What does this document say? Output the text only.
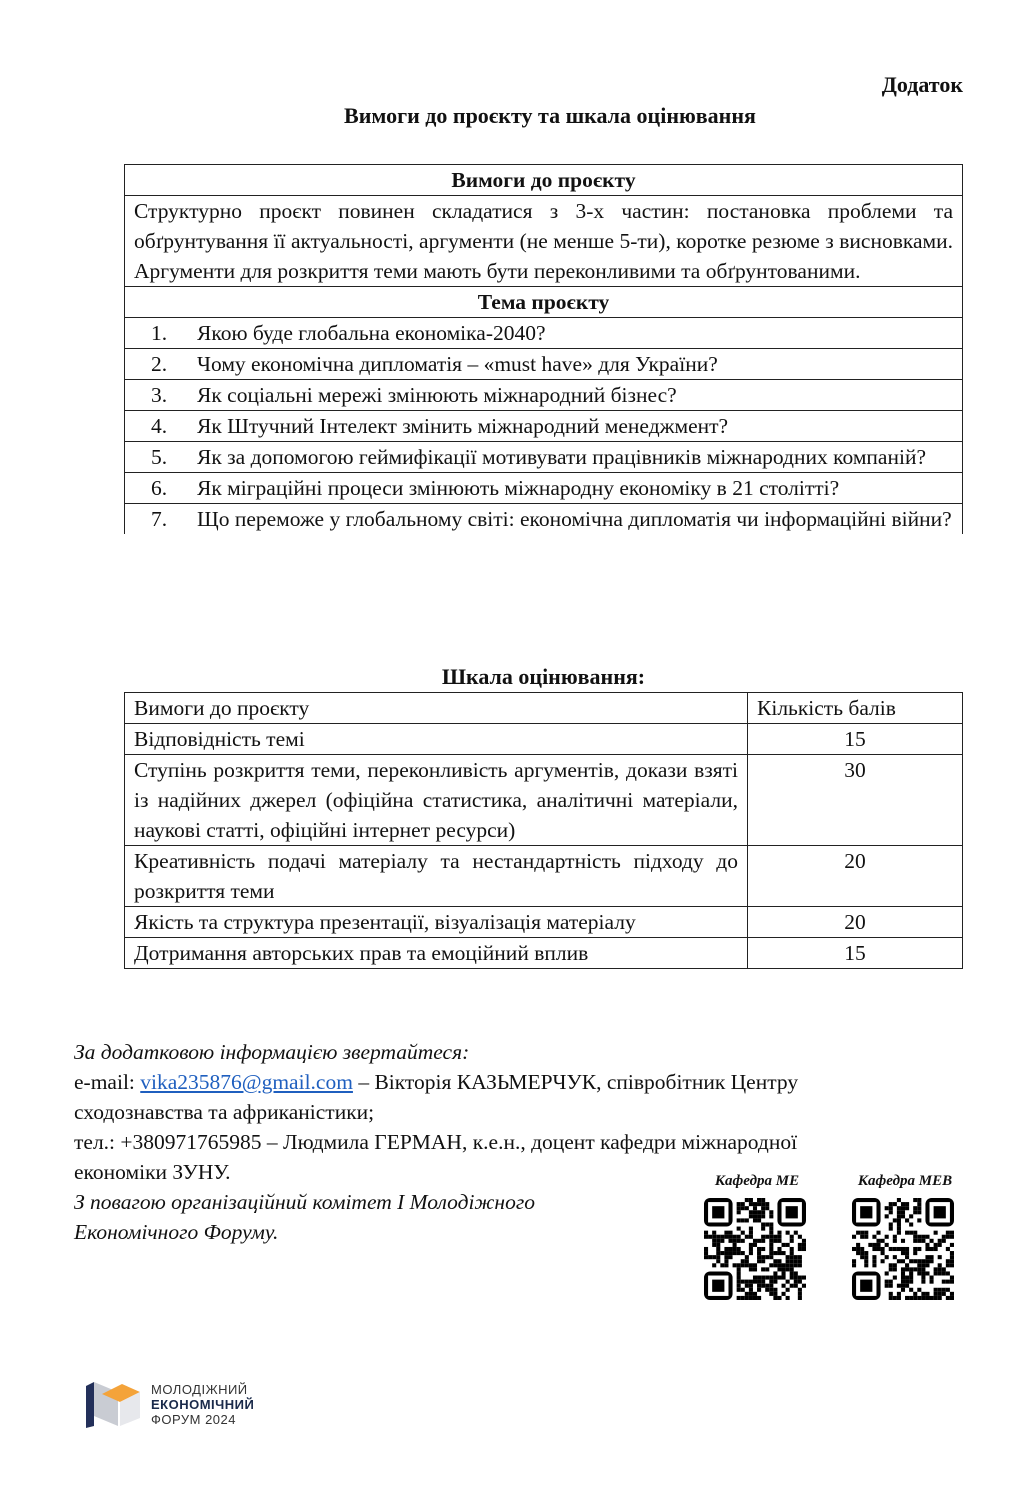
Додаток
Вимоги до проєкту та шкала оцінювання
Вимоги до проєкту
Структурно проєкт повинен складатися з 3-х частин: постановка проблеми та обґрунтування її актуальності, аргументи (не менше 5-ти), коротке резюме з висновками. Аргументи для розкриття теми мають бути переконливими та обґрунтованими.
Тема проєкту
1. Якою буде глобальна економіка-2040?
2. Чому економічна дипломатія – «must have» для України?
3. Як соціальні мережі змінюють міжнародний бізнес?
4. Як Штучний Інтелект змінить міжнародний менеджмент?
5. Як за допомогою геймифікації мотивувати працівників міжнародних компаній?
6. Як міграційні процеси змінюють міжнародну економіку в 21 столітті?
7. Що переможе у глобальному світі: економічна дипломатія чи інформаційні війни?
Шкала оцінювання:
Вимоги до проєкту	Кількість балів
Відповідність темі	15
Ступінь розкриття теми, переконливість аргументів, докази взяті із надійних джерел (офіційна статистика, аналітичні матеріали, наукові статті, офіційні інтернет ресурси)	30
Креативність подачі матеріалу та нестандартність підходу до розкриття теми	20
Якість та структура презентації, візуалізація матеріалу	20
Дотримання авторських прав та емоційний вплив	15
За додатковою інформацією звертайтеся:
e-mail: vika235876@gmail.com – Вікторія КАЗЬМЕРЧУК, співробітник Центру сходознавства та африканістики;
тел.: +380971765985 – Людмила ГЕРМАН, к.е.н., доцент кафедри міжнародної економіки ЗУНУ.
З повагою організаційний комітет І Молодіжного Економічного Форуму.
Кафедра МЕ	Кафедра МЕВ
МОЛОДІЖНИЙ
ЕКОНОМІЧНИЙ
ФОРУМ 2024
